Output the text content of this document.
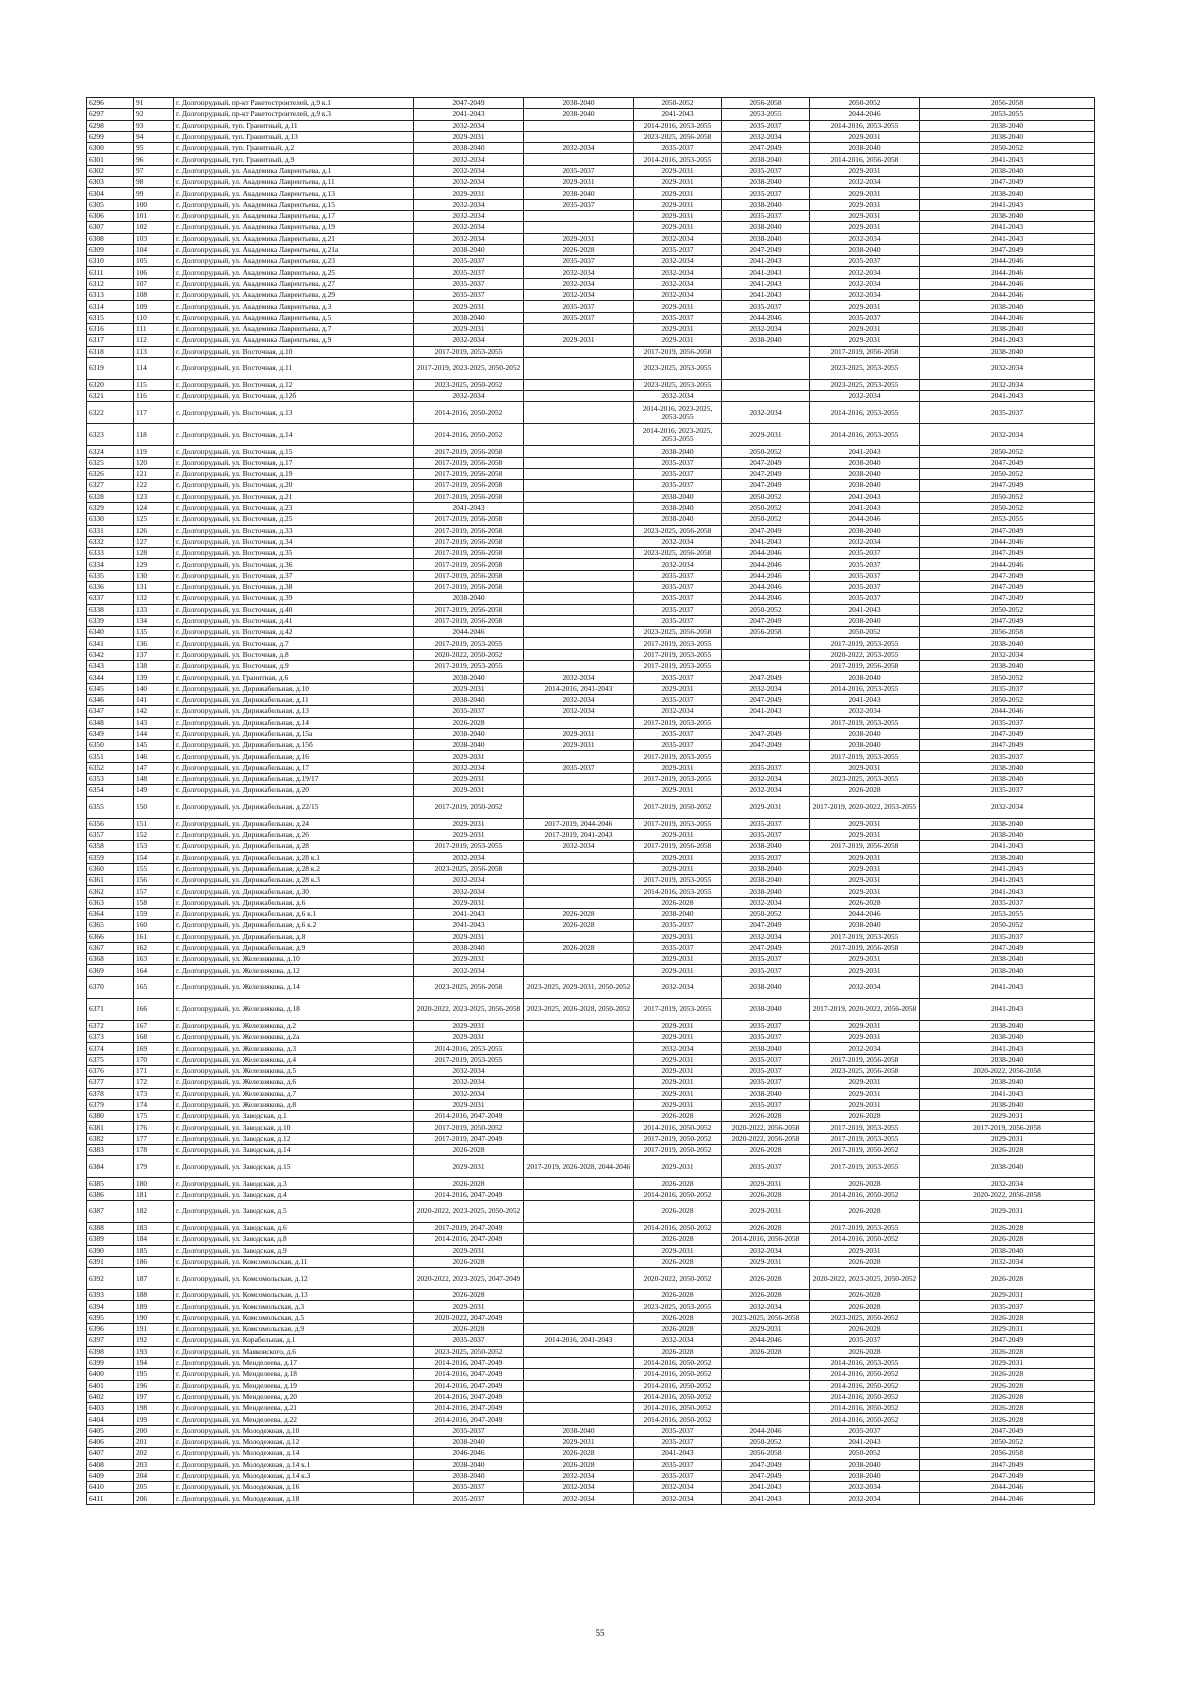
6296	91	г. Долгопрудный, пр-кт Ракетостроителей, д.9 к.1	2047-2049	2038-2040	2050-2052	2056-2058	2050-2052	2056-2058
6297	92	г. Долгопрудный, пр-кт Ракетостроителей, д.9 к.3	2041-2043	2038-2040	2041-2043	2053-2055	2044-2046	2053-2055
6298	93	г. Долгопрудный, туп. Гранитный, д.11	2032-2034		2014-2016, 2053-2055	2035-2037	2014-2016, 2053-2055	2038-2040
6299	94	г. Долгопрудный, туп. Гранитный, д.13	2029-2031		2023-2025, 2056-2058	2032-2034	2029-2031	2038-2040
6300	95	г. Долгопрудный, туп. Гранитный, д.2	2038-2040	2032-2034	2035-2037	2047-2049	2038-2040	2050-2052
6301	96	г. Долгопрудный, туп. Гранитный, д.9	2032-2034		2014-2016, 2053-2055	2038-2040	2014-2016, 2056-2058	2041-2043
6302	97	г. Долгопрудный, ул. Академика Лаврентьева, д.1	2032-2034	2035-2037	2029-2031	2035-2037	2029-2031	2038-2040
6303	98	г. Долгопрудный, ул. Академика Лаврентьева, д.11	2032-2034	2029-2031	2029-2031	2038-2040	2032-2034	2047-2049
6304	99	г. Долгопрудный, ул. Академика Лаврентьева, д.13	2029-2031	2038-2040	2029-2031	2035-2037	2029-2031	2038-2040
6305	100	г. Долгопрудный, ул. Академика Лаврентьева, д.15	2032-2034	2035-2037	2029-2031	2038-2040	2029-2031	2041-2043
6306	101	г. Долгопрудный, ул. Академика Лаврентьева, д.17	2032-2034		2029-2031	2035-2037	2029-2031	2038-2040
6307	102	г. Долгопрудный, ул. Академика Лаврентьева, д.19	2032-2034		2029-2031	2038-2040	2029-2031	2041-2043
6308	103	г. Долгопрудный, ул. Академика Лаврентьева, д.21	2032-2034	2029-2031	2032-2034	2038-2040	2032-2034	2041-2043
6309	104	г. Долгопрудный, ул. Академика Лаврентьева, д.21а	2038-2040	2026-2028	2035-2037	2047-2049	2038-2040	2047-2049
6310	105	г. Долгопрудный, ул. Академика Лаврентьева, д.23	2035-2037	2035-2037	2032-2034	2041-2043	2035-2037	2044-2046
6311	106	г. Долгопрудный, ул. Академика Лаврентьева, д.25	2035-2037	2032-2034	2032-2034	2041-2043	2032-2034	2044-2046
6312	107	г. Долгопрудный, ул. Академика Лаврентьева, д.27	2035-2037	2032-2034	2032-2034	2041-2043	2032-2034	2044-2046
6313	108	г. Долгопрудный, ул. Академика Лаврентьева, д.29	2035-2037	2032-2034	2032-2034	2041-2043	2032-2034	2044-2046
6314	109	г. Долгопрудный, ул. Академика Лаврентьева, д.3	2029-2031	2035-2037	2029-2031	2035-2037	2029-2031	2038-2040
6315	110	г. Долгопрудный, ул. Академика Лаврентьева, д.5	2038-2040	2035-2037	2035-2037	2044-2046	2035-2037	2044-2046
6316	111	г. Долгопрудный, ул. Академика Лаврентьева, д.7	2029-2031		2029-2031	2032-2034	2029-2031	2038-2040
6317	112	г. Долгопрудный, ул. Академика Лаврентьева, д.9	2032-2034	2029-2031	2029-2031	2038-2040	2029-2031	2041-2043
6318	113	г. Долгопрудный, ул. Восточная, д.10	2017-2019, 2053-2055		2017-2019, 2056-2058		2017-2019, 2056-2058	2038-2040
6319	114	г. Долгопрудный, ул. Восточная, д.11	2017-2019, 2023-2025, 2050-2052		2023-2025, 2053-2055		2023-2025, 2053-2055	2032-2034
6320	115	г. Долгопрудный, ул. Восточная, д.12	2023-2025, 2050-2052		2023-2025, 2053-2055		2023-2025, 2053-2055	2032-2034
6321	116	г. Долгопрудный, ул. Восточная, д.12б	2032-2034		2032-2034		2032-2034	2041-2043
6322	117	г. Долгопрудный, ул. Восточная, д.13	2014-2016, 2050-2052		2014-2016, 2023-2025, 2053-2055	2032-2034	2014-2016, 2053-2055	2035-2037
6323	118	г. Долгопрудный, ул. Восточная, д.14	2014-2016, 2050-2052		2014-2016, 2023-2025, 2053-2055	2029-2031	2014-2016, 2053-2055	2032-2034
6324	119	г. Долгопрудный, ул. Восточная, д.15	2017-2019, 2056-2058		2038-2040	2050-2052	2041-2043	2050-2052
6325	120	г. Долгопрудный, ул. Восточная, д.17	2017-2019, 2056-2058		2035-2037	2047-2049	2038-2040	2047-2049
6326	121	г. Долгопрудный, ул. Восточная, д.19	2017-2019, 2056-2058		2035-2037	2047-2049	2038-2040	2050-2052
6327	122	г. Долгопрудный, ул. Восточная, д.20	2017-2019, 2056-2058		2035-2037	2047-2049	2038-2040	2047-2049
6328	123	г. Долгопрудный, ул. Восточная, д.21	2017-2019, 2056-2058		2038-2040	2050-2052	2041-2043	2050-2052
6329	124	г. Долгопрудный, ул. Восточная, д.23	2041-2043		2038-2040	2050-2052	2041-2043	2050-2052
6330	125	г. Долгопрудный, ул. Восточная, д.25	2017-2019, 2056-2058		2038-2040	2050-2052	2044-2046	2053-2055
6331	126	г. Долгопрудный, ул. Восточная, д.33	2017-2019, 2056-2058		2023-2025, 2056-2058	2047-2049	2038-2040	2047-2049
6332	127	г. Долгопрудный, ул. Восточная, д.34	2017-2019, 2056-2058		2032-2034	2041-2043	2032-2034	2044-2046
6333	128	г. Долгопрудный, ул. Восточная, д.35	2017-2019, 2056-2058		2023-2025, 2056-2058	2044-2046	2035-2037	2047-2049
6334	129	г. Долгопрудный, ул. Восточная, д.36	2017-2019, 2056-2058		2032-2034	2044-2046	2035-2037	2044-2046
6335	130	г. Долгопрудный, ул. Восточная, д.37	2017-2019, 2056-2058		2035-2037	2044-2046	2035-2037	2047-2049
6336	131	г. Долгопрудный, ул. Восточная, д.38	2017-2019, 2056-2058		2035-2037	2044-2046	2035-2037	2047-2049
6337	132	г. Долгопрудный, ул. Восточная, д.39	2038-2040		2035-2037	2044-2046	2035-2037	2047-2049
6338	133	г. Долгопрудный, ул. Восточная, д.40	2017-2019, 2056-2058		2035-2037	2050-2052	2041-2043	2050-2052
6339	134	г. Долгопрудный, ул. Восточная, д.41	2017-2019, 2056-2058		2035-2037	2047-2049	2038-2040	2047-2049
6340	135	г. Долгопрудный, ул. Восточная, д.42	2044-2046		2023-2025, 2056-2058	2056-2058	2050-2052	2056-2058
6341	136	г. Долгопрудный, ул. Восточная, д.7	2017-2019, 2053-2055		2017-2019, 2053-2055		2017-2019, 2053-2055	2038-2040
6342	137	г. Долгопрудный, ул. Восточная, д.8	2020-2022, 2050-2052		2017-2019, 2053-2055		2020-2022, 2053-2055	2032-2034
6343	138	г. Долгопрудный, ул. Восточная, д.9	2017-2019, 2053-2055		2017-2019, 2053-2055		2017-2019, 2056-2058	2038-2040
6344	139	г. Долгопрудный, ул. Гранитная, д.6	2038-2040	2032-2034	2035-2037	2047-2049	2038-2040	2050-2052
6345	140	г. Долгопрудный, ул. Дирижабельная, д.10	2029-2031	2014-2016, 2041-2043	2029-2031	2032-2034	2014-2016, 2053-2055	2035-2037
6346	141	г. Долгопрудный, ул. Дирижабельная, д.11	2038-2040	2032-2034	2035-2037	2047-2049	2041-2043	2050-2052
6347	142	г. Долгопрудный, ул. Дирижабельная, д.13	2035-2037	2032-2034	2032-2034	2041-2043	2032-2034	2044-2046
6348	143	г. Долгопрудный, ул. Дирижабельная, д.14	2026-2028		2017-2019, 2053-2055		2017-2019, 2053-2055	2035-2037
6349	144	г. Долгопрудный, ул. Дирижабельная, д.15а	2038-2040	2029-2031	2035-2037	2047-2049	2038-2040	2047-2049
6350	145	г. Долгопрудный, ул. Дирижабельная, д.15б	2038-2040	2029-2031	2035-2037	2047-2049	2038-2040	2047-2049
6351	146	г. Долгопрудный, ул. Дирижабельная, д.16	2029-2031		2017-2019, 2053-2055		2017-2019, 2053-2055	2035-2037
6352	147	г. Долгопрудный, ул. Дирижабельная, д.17	2032-2034	2035-2037	2029-2031	2035-2037	2029-2031	2038-2040
6353	148	г. Долгопрудный, ул. Дирижабельная, д.19/17	2029-2031		2017-2019, 2053-2055	2032-2034	2023-2025, 2053-2055	2038-2040
6354	149	г. Долгопрудный, ул. Дирижабельная, д.20	2029-2031		2029-2031	2032-2034	2026-2028	2035-2037
6355	150	г. Долгопрудный, ул. Дирижабельная, д.22/15	2017-2019, 2050-2052		2017-2019, 2050-2052	2029-2031	2017-2019, 2020-2022, 2053-2055	2032-2034
6356	151	г. Долгопрудный, ул. Дирижабельная, д.24	2029-2031	2017-2019, 2044-2046	2017-2019, 2053-2055	2035-2037	2029-2031	2038-2040
6357	152	г. Долгопрудный, ул. Дирижабельная, д.26	2029-2031	2017-2019, 2041-2043	2029-2031	2035-2037	2029-2031	2038-2040
6358	153	г. Долгопрудный, ул. Дирижабельная, д.28	2017-2019, 2053-2055	2032-2034	2017-2019, 2056-2058	2038-2040	2017-2019, 2056-2058	2041-2043
6359	154	г. Долгопрудный, ул. Дирижабельная, д.28 к.1	2032-2034		2029-2031	2035-2037	2029-2031	2038-2040
6360	155	г. Долгопрудный, ул. Дирижабельная, д.28 к.2	2023-2025, 2056-2058		2029-2031	2038-2040	2029-2031	2041-2043
6361	156	г. Долгопрудный, ул. Дирижабельная, д.28 к.3	2032-2034		2017-2019, 2053-2055	2038-2040	2029-2031	2041-2043
6362	157	г. Долгопрудный, ул. Дирижабельная, д.30	2032-2034		2014-2016, 2053-2055	2038-2040	2029-2031	2041-2043
6363	158	г. Долгопрудный, ул. Дирижабельная, д.6	2029-2031		2026-2028	2032-2034	2026-2028	2035-2037
6364	159	г. Долгопрудный, ул. Дирижабельная, д.6 к.1	2041-2043	2026-2028	2038-2040	2050-2052	2044-2046	2053-2055
6365	160	г. Долгопрудный, ул. Дирижабельная, д.6 к.2	2041-2043	2026-2028	2035-2037	2047-2049	2038-2040	2050-2052
6366	161	г. Долгопрудный, ул. Дирижабельная, д.8	2029-2031		2029-2031	2032-2034	2017-2019, 2053-2055	2035-2037
6367	162	г. Долгопрудный, ул. Дирижабельная, д.9	2038-2040	2026-2028	2035-2037	2047-2049	2017-2019, 2056-2058	2047-2049
6368	163	г. Долгопрудный, ул. Железнякова, д.10	2029-2031		2029-2031	2035-2037	2029-2031	2038-2040
6369	164	г. Долгопрудный, ул. Железнякова, д.12	2032-2034		2029-2031	2035-2037	2029-2031	2038-2040
6370	165	г. Долгопрудный, ул. Железнякова, д.14	2023-2025, 2056-2058	2023-2025, 2029-2031, 2050-2052	2032-2034	2038-2040	2032-2034	2041-2043
6371	166	г. Долгопрудный, ул. Железнякова, д.18	2020-2022, 2023-2025, 2056-2058	2023-2025, 2026-2028, 2050-2052	2017-2019, 2053-2055	2038-2040	2017-2019, 2020-2022, 2056-2058	2041-2043
6372	167	г. Долгопрудный, ул. Железнякова, д.2	2029-2031		2029-2031	2035-2037	2029-2031	2038-2040
6373	168	г. Долгопрудный, ул. Железнякова, д.2а	2029-2031		2029-2031	2035-2037	2029-2031	2038-2040
6374	169	г. Долгопрудный, ул. Железнякова, д.3	2014-2016, 2053-2055		2032-2034	2038-2040	2032-2034	2041-2043
6375	170	г. Долгопрудный, ул. Железнякова, д.4	2017-2019, 2053-2055		2029-2031	2035-2037	2017-2019, 2056-2058	2038-2040
6376	171	г. Долгопрудный, ул. Железнякова, д.5	2032-2034		2029-2031	2035-2037	2023-2025, 2056-2058	2020-2022, 2056-2058
6377	172	г. Долгопрудный, ул. Железнякова, д.6	2032-2034		2029-2031	2035-2037	2029-2031	2038-2040
6378	173	г. Долгопрудный, ул. Железнякова, д.7	2032-2034		2029-2031	2038-2040	2029-2031	2041-2043
6379	174	г. Долгопрудный, ул. Железнякова, д.8	2029-2031		2029-2031	2035-2037	2029-2031	2038-2040
6380	175	г. Долгопрудный, ул. Заводская, д.1	2014-2016, 2047-2049		2026-2028	2026-2028	2026-2028	2029-2031
6381	176	г. Долгопрудный, ул. Заводская, д.10	2017-2019, 2050-2052		2014-2016, 2050-2052	2020-2022, 2056-2058	2017-2019, 2053-2055	2017-2019, 2056-2058
6382	177	г. Долгопрудный, ул. Заводская, д.12	2017-2019, 2047-2049		2017-2019, 2050-2052	2020-2022, 2056-2058	2017-2019, 2053-2055	2029-2031
6383	178	г. Долгопрудный, ул. Заводская, д.14	2026-2028		2017-2019, 2050-2052	2026-2028	2017-2019, 2050-2052	2026-2028
6384	179	г. Долгопрудный, ул. Заводская, д.15	2029-2031	2017-2019, 2026-2028, 2044-2046	2029-2031	2035-2037	2017-2019, 2053-2055	2038-2040
6385	180	г. Долгопрудный, ул. Заводская, д.3	2026-2028		2026-2028	2029-2031	2026-2028	2032-2034
6386	181	г. Долгопрудный, ул. Заводская, д.4	2014-2016, 2047-2049		2014-2016, 2050-2052	2026-2028	2014-2016, 2050-2052	2020-2022, 2056-2058
6387	182	г. Долгопрудный, ул. Заводская, д.5	2020-2022, 2023-2025, 2050-2052		2026-2028	2029-2031	2026-2028	2029-2031
6388	183	г. Долгопрудный, ул. Заводская, д.6	2017-2019, 2047-2049		2014-2016, 2050-2052	2026-2028	2017-2019, 2053-2055	2026-2028
6389	184	г. Долгопрудный, ул. Заводская, д.8	2014-2016, 2047-2049		2026-2028	2014-2016, 2056-2058	2014-2016, 2050-2052	2026-2028
6390	185	г. Долгопрудный, ул. Заводская, д.9	2029-2031		2029-2031	2032-2034	2029-2031	2038-2040
6391	186	г. Долгопрудный, ул. Комсомольская, д.11	2026-2028		2026-2028	2029-2031	2026-2028	2032-2034
6392	187	г. Долгопрудный, ул. Комсомольская, д.12	2020-2022, 2023-2025, 2047-2049		2020-2022, 2050-2052	2026-2028	2020-2022, 2023-2025, 2050-2052	2026-2028
6393	188	г. Долгопрудный, ул. Комсомольская, д.13	2026-2028		2026-2028	2026-2028	2026-2028	2029-2031
6394	189	г. Долгопрудный, ул. Комсомольская, д.3	2029-2031		2023-2025, 2053-2055	2032-2034	2026-2028	2035-2037
6395	190	г. Долгопрудный, ул. Комсомольская, д.5	2020-2022, 2047-2049		2026-2028	2023-2025, 2056-2058	2023-2025, 2050-2052	2026-2028
6396	191	г. Долгопрудный, ул. Комсомольская, д.9	2026-2028		2026-2028	2029-2031	2026-2028	2029-2031
6397	192	г. Долгопрудный, ул. Корабельная, д.1	2035-2037	2014-2016, 2041-2043	2032-2034	2044-2046	2035-2037	2047-2049
6398	193	г. Долгопрудный, ул. Маяковского, д.6	2023-2025, 2050-2052		2026-2028	2026-2028	2026-2028	2026-2028
6399	194	г. Долгопрудный, ул. Менделеева, д.17	2014-2016, 2047-2049		2014-2016, 2050-2052		2014-2016, 2053-2055	2029-2031
6400	195	г. Долгопрудный, ул. Менделеева, д.18	2014-2016, 2047-2049		2014-2016, 2050-2052		2014-2016, 2050-2052	2026-2028
6401	196	г. Долгопрудный, ул. Менделеева, д.19	2014-2016, 2047-2049		2014-2016, 2050-2052		2014-2016, 2050-2052	2026-2028
6402	197	г. Долгопрудный, ул. Менделеева, д.20	2014-2016, 2047-2049		2014-2016, 2050-2052		2014-2016, 2050-2052	2026-2028
6403	198	г. Долгопрудный, ул. Менделеева, д.21	2014-2016, 2047-2049		2014-2016, 2050-2052		2014-2016, 2050-2052	2026-2028
6404	199	г. Долгопрудный, ул. Менделеева, д.22	2014-2016, 2047-2049		2014-2016, 2050-2052		2014-2016, 2050-2052	2026-2028
6405	200	г. Долгопрудный, ул. Молодежная, д.10	2035-2037	2038-2040	2035-2037	2044-2046	2035-2037	2047-2049
6406	201	г. Долгопрудный, ул. Молодежная, д.12	2038-2040	2029-2031	2035-2037	2050-2052	2041-2043	2050-2052
6407	202	г. Долгопрудный, ул. Молодежная, д.14	2046-2046	2026-2028	2041-2043	2056-2058	2050-2052	2056-2058
6408	203	г. Долгопрудный, ул. Молодежная, д.14 к.1	2038-2040	2026-2028	2035-2037	2047-2049	2038-2040	2047-2049
6409	204	г. Долгопрудный, ул. Молодежная, д.14 к.3	2038-2040	2032-2034	2035-2037	2047-2049	2038-2040	2047-2049
6410	205	г. Долгопрудный, ул. Молодежная, д.16	2035-2037	2032-2034	2032-2034	2041-2043	2032-2034	2044-2046
6411	206	г. Долгопрудный, ул. Молодежная, д.18	2035-2037	2032-2034	2032-2034	2041-2043	2032-2034	2044-2046
55
